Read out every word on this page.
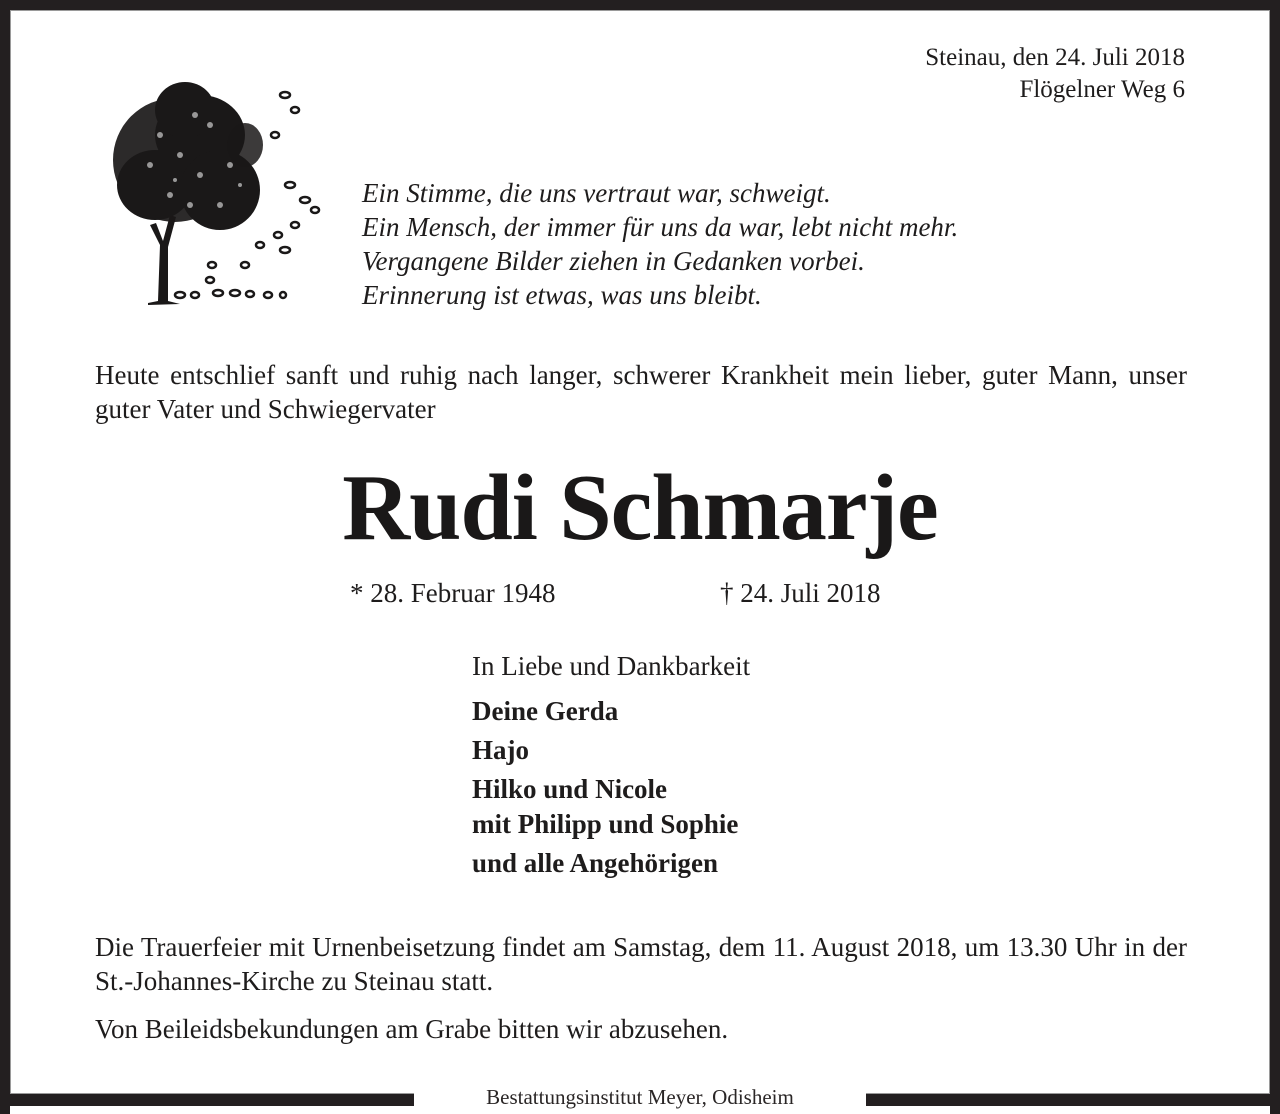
Steinau, den 24. Juli 2018
Flögelner Weg 6
Ein Stimme, die uns vertraut war, schweigt.
Ein Mensch, der immer für uns da war, lebt nicht mehr.
Vergangene Bilder ziehen in Gedanken vorbei.
Erinnerung ist etwas, was uns bleibt.
Heute entschlief sanft und ruhig nach langer, schwerer Krankheit mein lieber, guter Mann, unser guter Vater und Schwiegervater
Rudi Schmarje
* 28. Februar 1948	† 24. Juli 2018
In Liebe und Dankbarkeit
Deine Gerda
Hajo
Hilko und Nicole
mit Philipp und Sophie
und alle Angehörigen
Die Trauerfeier mit Urnenbeisetzung findet am Samstag, dem 11. August 2018, um 13.30 Uhr in der St.-Johannes-Kirche zu Steinau statt.
Von Beileidsbekundungen am Grabe bitten wir abzusehen.
Bestattungsinstitut Meyer, Odisheim
